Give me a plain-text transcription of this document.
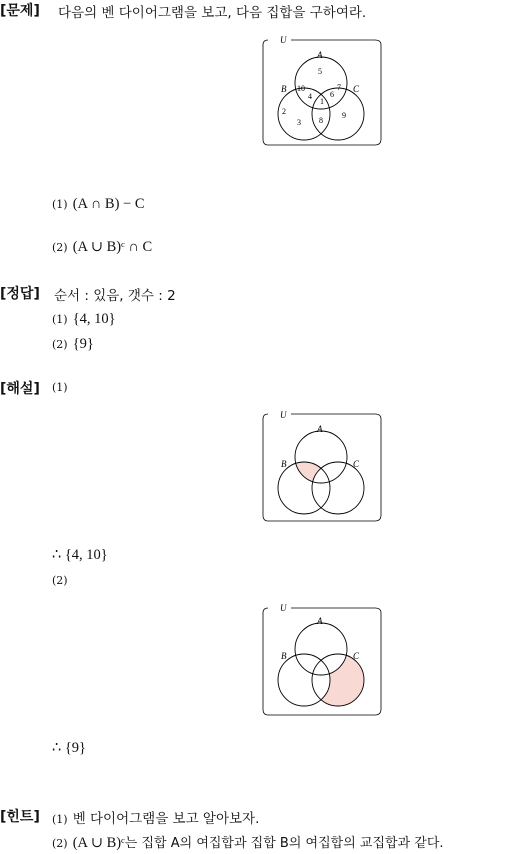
[문제] 다음의 벤 다이어그램을 보고, 다음 집합을 구하여라.
U
A
B	C
5
10
4
7
1
6
2
3 8
9
(1) (A ∩ B) − C
(2) (A ∪ B)ᶜ ∩ C
[정답] 순서 : 있음, 갯수 : 2
(1) {4, 10}
(2) {9}
[해설] (1)
U
A
B	C
∴ {4, 10}
(2)
U
A
B	C
∴ {9}
[힌트] (1) 벤 다이어그램을 보고 알아보자.
(2) (A ∪ B)ᶜ는 집합 A의 여집합과 집합 B의 여집합의 교집합과 같다.
